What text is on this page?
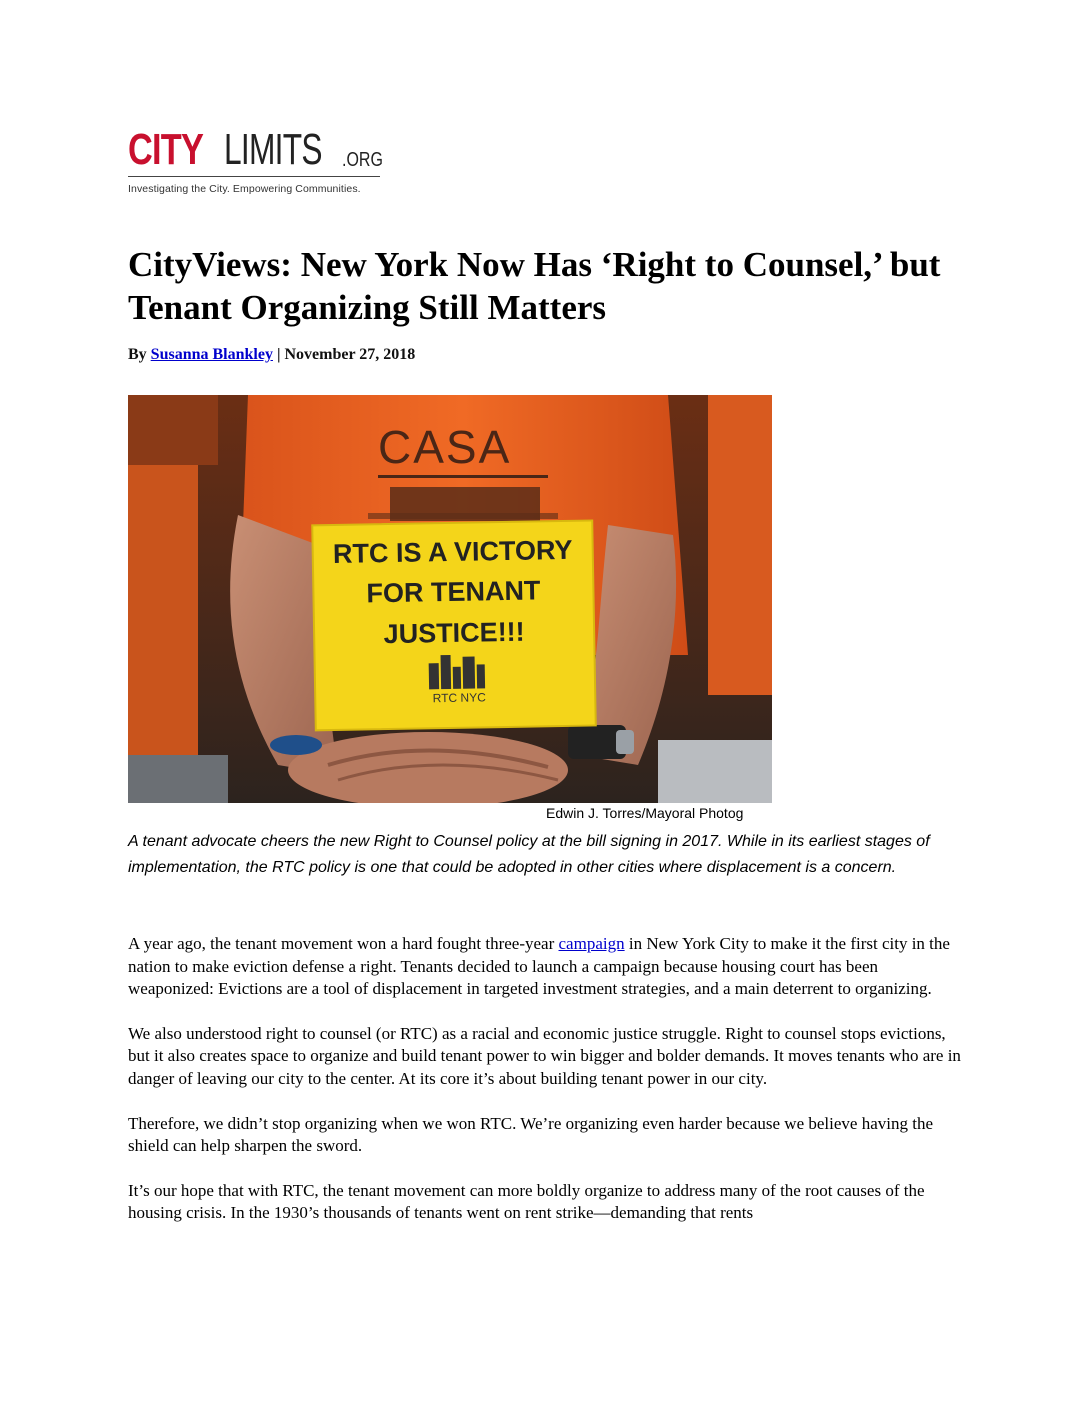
CITY LIMITS .ORG
Investigating the City. Empowering Communities.
CityViews: New York Now Has ‘Right to Counsel,’ but Tenant Organizing Still Matters
By Susanna Blankley | November 27, 2018
CASA
RTC IS A VICTORY
FOR TENANT
JUSTICE!!!
RTC NYC
Edwin J. Torres/Mayoral Photog

A tenant advocate cheers the new Right to Counsel policy at the bill signing in 2017. While in its earliest stages of implementation, the RTC policy is one that could be adopted in other cities where displacement is a concern.

A year ago, the tenant movement won a hard fought three-year campaign in New York City to make it the first city in the nation to make eviction defense a right. Tenants decided to launch a campaign because housing court has been weaponized: Evictions are a tool of displacement in targeted investment strategies, and a main deterrent to organizing.

We also understood right to counsel (or RTC) as a racial and economic justice struggle. Right to counsel stops evictions, but it also creates space to organize and build tenant power to win bigger and bolder demands. It moves tenants who are in danger of leaving our city to the center. At its core it’s about building tenant power in our city.

Therefore, we didn’t stop organizing when we won RTC. We’re organizing even harder because we believe having the shield can help sharpen the sword.

It’s our hope that with RTC, the tenant movement can more boldly organize to address many of the root causes of the housing crisis. In the 1930’s thousands of tenants went on rent strike—demanding that rents
